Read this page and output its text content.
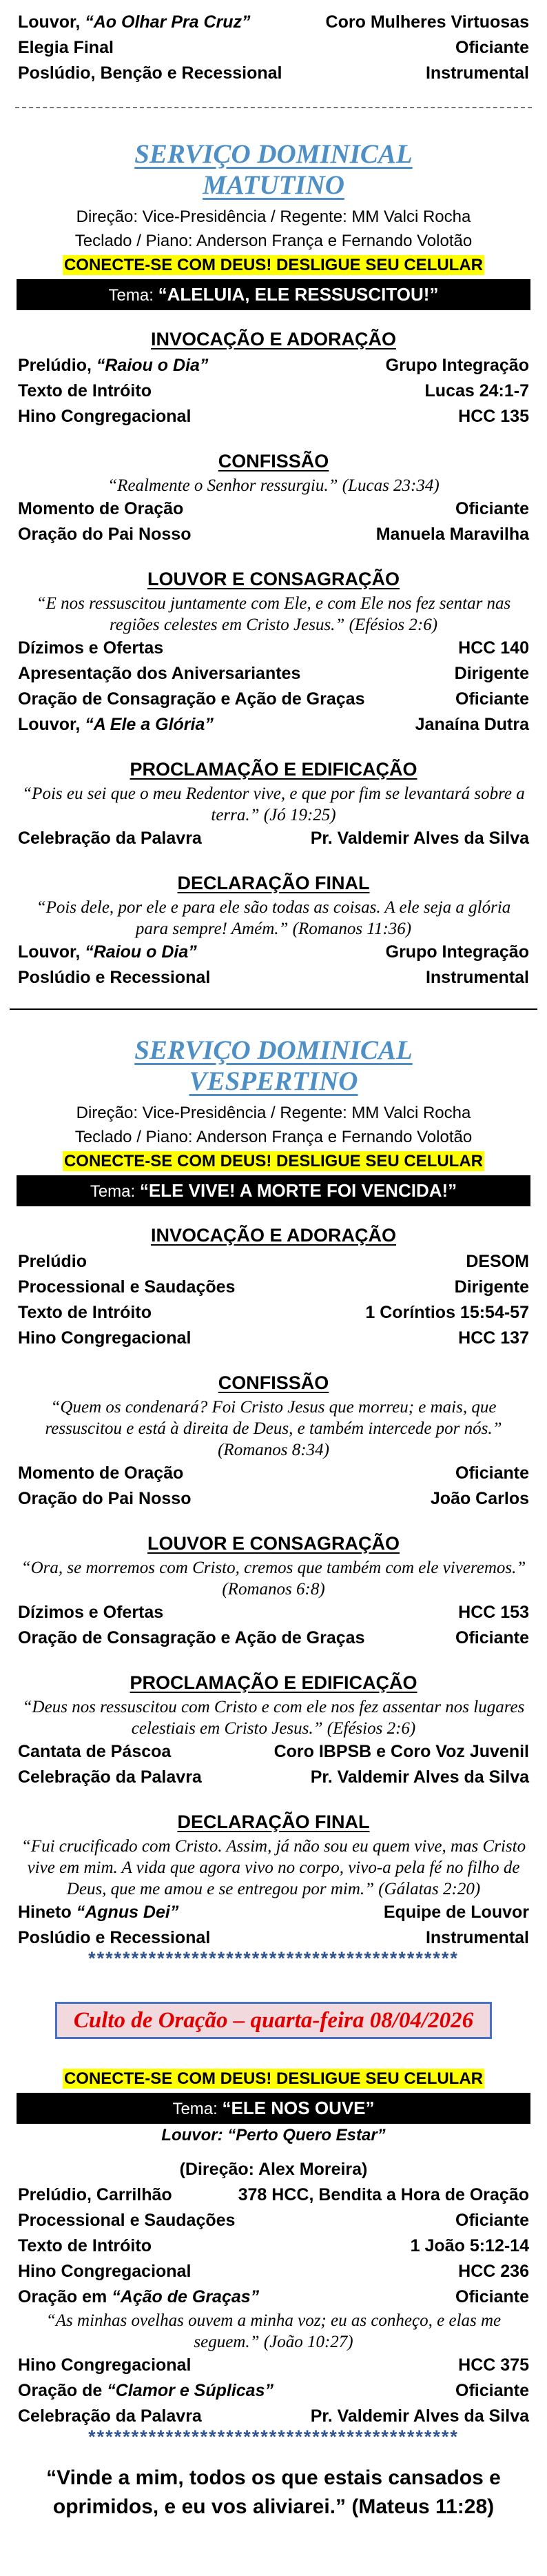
Louvor, “Ao Olhar Pra Cruz”	Coro Mulheres Virtuosas
Elegia Final	Oficiante
Poslúdio, Benção e Recessional	Instrumental
SERVIÇO DOMINICAL MATUTINO
Direção: Vice-Presidência / Regente: MM Valci Rocha
Teclado / Piano: Anderson França e Fernando Volotão
CONECTE-SE COM DEUS! DESLIGUE SEU CELULAR
Tema: “ALELUIA, ELE RESSUSCITOU!”
INVOCAÇÃO E ADORAÇÃO
Prelúdio, “Raiou o Dia”	Grupo Integração
Texto de Intróito	Lucas 24:1-7
Hino Congregacional	HCC 135
CONFISSÃO
“Realmente o Senhor ressurgiu.” (Lucas 23:34)
Momento de Oração	Oficiante
Oração do Pai Nosso	Manuela Maravilha
LOUVOR E CONSAGRAÇÃO
“E nos ressuscitou juntamente com Ele, e com Ele nos fez sentar nas regiões celestes em Cristo Jesus.” (Efésios 2:6)
Dízimos e Ofertas	HCC 140
Apresentação dos Aniversariantes	Dirigente
Oração de Consagração e Ação de Graças	Oficiante
Louvor, “A Ele a Glória”	Janaína Dutra
PROCLAMAÇÃO E EDIFICAÇÃO
“Pois eu sei que o meu Redentor vive, e que por fim se levantará sobre a terra.” (Jó 19:25)
Celebração da Palavra	Pr. Valdemir Alves da Silva
DECLARAÇÃO FINAL
“Pois dele, por ele e para ele são todas as coisas. A ele seja a glória para sempre! Amém.” (Romanos 11:36)
Louvor, “Raiou o Dia”	Grupo Integração
Poslúdio e Recessional	Instrumental
SERVIÇO DOMINICAL VESPERTINO
Direção: Vice-Presidência / Regente: MM Valci Rocha
Teclado / Piano: Anderson França e Fernando Volotão
CONECTE-SE COM DEUS! DESLIGUE SEU CELULAR
Tema: “ELE VIVE! A MORTE FOI VENCIDA!”
INVOCAÇÃO E ADORAÇÃO
Prelúdio	DESOM
Processional e Saudações	Dirigente
Texto de Intróito	1 Coríntios 15:54-57
Hino Congregacional	HCC 137
CONFISSÃO
“Quem os condenará? Foi Cristo Jesus que morreu; e mais, que ressuscitou e está à direita de Deus, e também intercede por nós.” (Romanos 8:34)
Momento de Oração	Oficiante
Oração do Pai Nosso	João Carlos
LOUVOR E CONSAGRAÇÃO
“Ora, se morremos com Cristo, cremos que também com ele viveremos.” (Romanos 6:8)
Dízimos e Ofertas	HCC 153
Oração de Consagração e Ação de Graças	Oficiante
PROCLAMAÇÃO E EDIFICAÇÃO
“Deus nos ressuscitou com Cristo e com ele nos fez assentar nos lugares celestiais em Cristo Jesus.” (Efésios 2:6)
Cantata de Páscoa	Coro IBPSB e Coro Voz Juvenil
Celebração da Palavra	Pr. Valdemir Alves da Silva
DECLARAÇÃO FINAL
“Fui crucificado com Cristo. Assim, já não sou eu quem vive, mas Cristo vive em mim. A vida que agora vivo no corpo, vivo-a pela fé no filho de Deus, que me amou e se entregou por mim.” (Gálatas 2:20)
Hineto “Agnus Dei”	Equipe de Louvor
Poslúdio e Recessional	Instrumental
*******************************************
Culto de Oração – quarta-feira 08/04/2026
CONECTE-SE COM DEUS! DESLIGUE SEU CELULAR
Tema: “ELE NOS OUVE”
Louvor: “Perto Quero Estar”
(Direção: Alex Moreira)
Prelúdio, Carrilhão	378 HCC, Bendita a Hora de Oração
Processional e Saudações	Oficiante
Texto de Intróito	1 João 5:12-14
Hino Congregacional	HCC 236
Oração em “Ação de Graças”	Oficiante
“As minhas ovelhas ouvem a minha voz; eu as conheço, e elas me seguem.” (João 10:27)
Hino Congregacional	HCC 375
Oração de “Clamor e Súplicas”	Oficiante
Celebração da Palavra	Pr. Valdemir Alves da Silva
*******************************************
“Vinde a mim, todos os que estais cansados e oprimidos, e eu vos aliviarei.” (Mateus 11:28)
